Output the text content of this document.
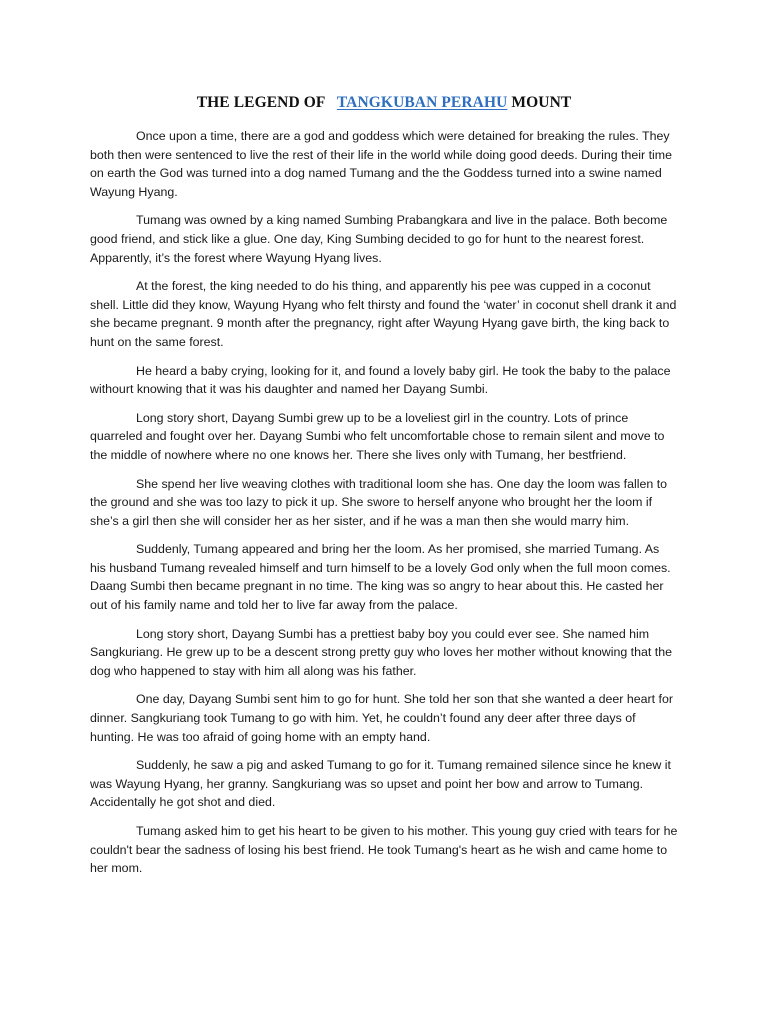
THE LEGEND OF TANGKUBAN PERAHU MOUNT

Once upon a time, there are a god and goddess which were detained for breaking the rules. They both then were sentenced to live the rest of their life in the world while doing good deeds. During their time on earth the God was turned into a dog named Tumang and the the Goddess turned into a swine named Wayung Hyang.

Tumang was owned by a king named Sumbing Prabangkara and live in the palace. Both become good friend, and stick like a glue. One day, King Sumbing decided to go for hunt to the nearest forest. Apparently, it’s the forest where Wayung Hyang lives.

At the forest, the king needed to do his thing, and apparently his pee was cupped in a coconut shell. Little did they know, Wayung Hyang who felt thirsty and found the ‘water’ in coconut shell drank it and she became pregnant. 9 month after the pregnancy, right after Wayung Hyang gave birth, the king back to hunt on the same forest.

He heard a baby crying, looking for it, and found a lovely baby girl. He took the baby to the palace withourt knowing that it was his daughter and named her Dayang Sumbi.

Long story short, Dayang Sumbi grew up to be a loveliest girl in the country. Lots of prince quarreled and fought over her. Dayang Sumbi who felt uncomfortable chose to remain silent and move to the middle of nowhere where no one knows her. There she lives only with Tumang, her bestfriend.

She spend her live weaving clothes with traditional loom she has. One day the loom was fallen to the ground and she was too lazy to pick it up. She swore to herself anyone who brought her the loom if she’s a girl then she will consider her as her sister, and if he was a man then she would marry him.

Suddenly, Tumang appeared and bring her the loom. As her promised, she married Tumang. As his husband Tumang revealed himself and turn himself to be a lovely God only when the full moon comes. Daang Sumbi then became pregnant in no time. The king was so angry to hear about this. He casted her out of his family name and told her to live far away from the palace.

Long story short, Dayang Sumbi has a prettiest baby boy you could ever see. She named him Sangkuriang. He grew up to be a descent strong pretty guy who loves her mother without knowing that the dog who happened to stay with him all along was his father.

One day, Dayang Sumbi sent him to go for hunt. She told her son that she wanted a deer heart for dinner. Sangkuriang took Tumang to go with him. Yet, he couldn’t found any deer after three days of hunting. He was too afraid of going home with an empty hand.

Suddenly, he saw a pig and asked Tumang to go for it. Tumang remained silence since he knew it was Wayung Hyang, her granny. Sangkuriang was so upset and point her bow and arrow to Tumang. Accidentally he got shot and died.

Tumang asked him to get his heart to be given to his mother. This young guy cried with tears for he couldn't bear the sadness of losing his best friend. He took Tumang's heart as he wish and came home to her mom.
